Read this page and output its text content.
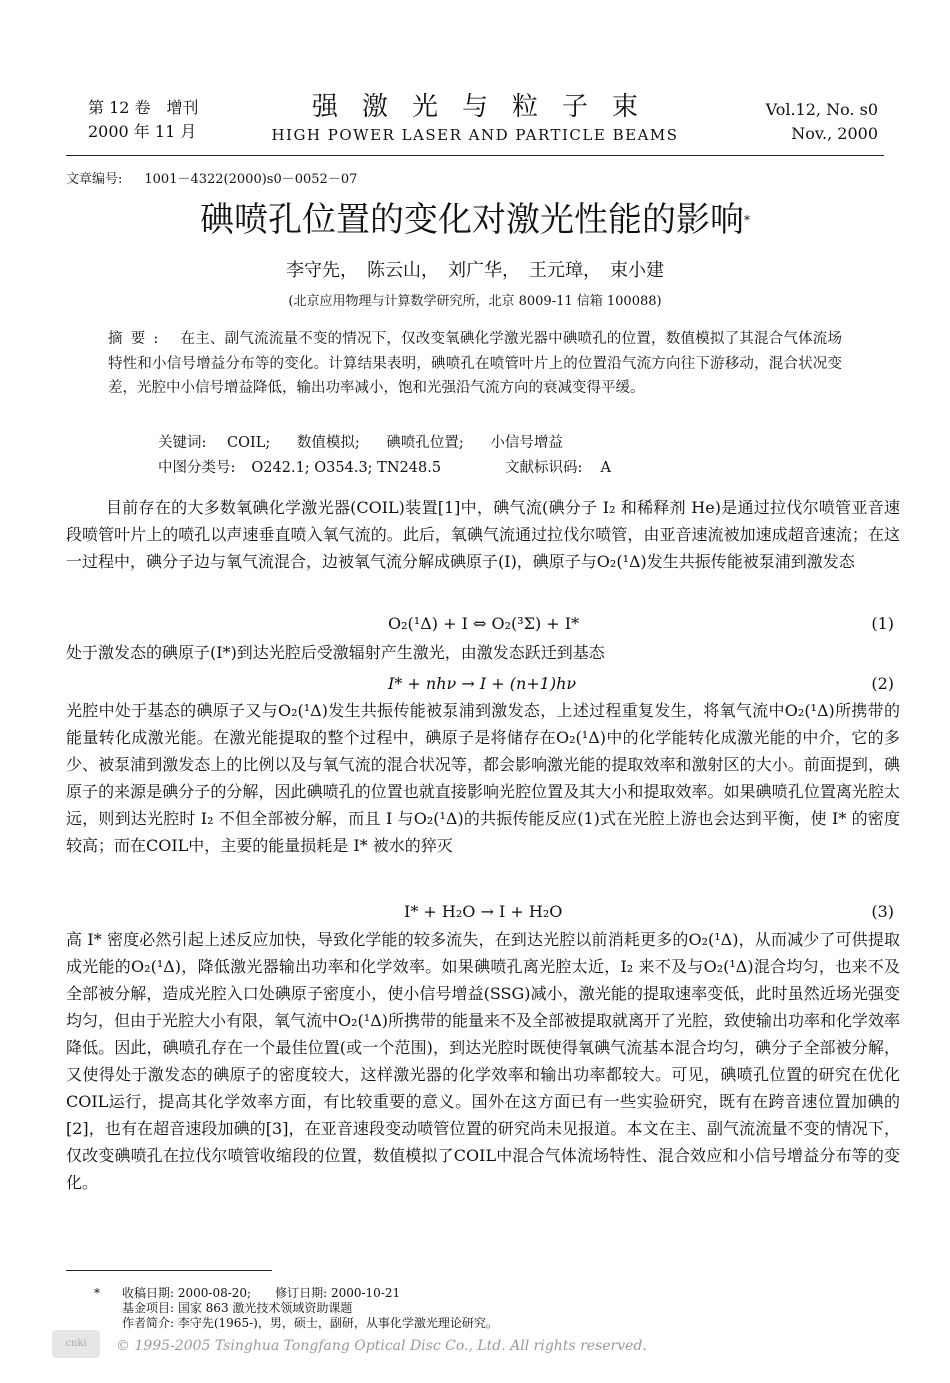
第 12 卷　增刊
2000 年 11 月
强激光与粒子束
HIGH POWER LASER AND PARTICLE BEAMS
Vol.12, No. s0
Nov., 2000
文章编号: 1001－4322(2000)s0－0052－07
碘喷孔位置的变化对激光性能的影响*
李守先，　陈云山，　刘广华，　王元璋，　束小建
(北京应用物理与计算数学研究所，北京 8009-11 信箱 100088)
摘要: 在主、副气流流量不变的情况下，仅改变氧碘化学激光器中碘喷孔的位置，数值模拟了其混合气体流场特性和小信号增益分布等的变化。计算结果表明，碘喷孔在喷管叶片上的位置沿气流方向往下游移动，混合状况变差，光腔中小信号增益降低，输出功率减小，饱和光强沿气流方向的衰减变得平缓。
关键词: COIL; 数值模拟; 碘喷孔位置; 小信号增益
中图分类号: O242.1; O354.3; TN248.5	文献标识码: A
目前存在的大多数氧碘化学激光器(COIL)装置[1]中，碘气流(碘分子 I₂ 和稀释剂 He)是通过拉伐尔喷管亚音速段喷管叶片上的喷孔以声速垂直喷入氧气流的。此后，氧碘气流通过拉伐尔喷管，由亚音速流被加速成超音速流；在这一过程中，碘分子边与氧气流混合，边被氧气流分解成碘原子(I)，碘原子与O₂(¹Δ)发生共振传能被泵浦到激发态
O₂(¹Δ) + I ⇔ O₂(³Σ) + I*	(1)
处于激发态的碘原子(I*)到达光腔后受激辐射产生激光，由激发态跃迁到基态
I* + nhν → I + (n+1)hν	(2)
光腔中处于基态的碘原子又与O₂(¹Δ)发生共振传能被泵浦到激发态，上述过程重复发生，将氧气流中O₂(¹Δ)所携带的能量转化成激光能。在激光能提取的整个过程中，碘原子是将储存在O₂(¹Δ)中的化学能转化成激光能的中介，它的多少、被泵浦到激发态上的比例以及与氧气流的混合状况等，都会影响激光能的提取效率和激射区的大小。前面提到，碘原子的来源是碘分子的分解，因此碘喷孔的位置也就直接影响光腔位置及其大小和提取效率。如果碘喷孔位置离光腔太远，则到达光腔时 I₂ 不但全部被分解，而且 I 与O₂(¹Δ)的共振传能反应(1)式在光腔上游也会达到平衡，使 I* 的密度较高；而在COIL中，主要的能量损耗是 I* 被水的猝灭
I* + H₂O → I + H₂O	(3)
高 I* 密度必然引起上述反应加快，导致化学能的较多流失，在到达光腔以前消耗更多的O₂(¹Δ)，从而减少了可供提取成光能的O₂(¹Δ)，降低激光器输出功率和化学效率。如果碘喷孔离光腔太近，I₂ 来不及与O₂(¹Δ)混合均匀，也来不及全部被分解，造成光腔入口处碘原子密度小，使小信号增益(SSG)减小，激光能的提取速率变低，此时虽然近场光强变均匀，但由于光腔大小有限，氧气流中O₂(¹Δ)所携带的能量来不及全部被提取就离开了光腔，致使输出功率和化学效率降低。因此，碘喷孔存在一个最佳位置(或一个范围)，到达光腔时既使得氧碘气流基本混合均匀，碘分子全部被分解，又使得处于激发态的碘原子的密度较大，这样激光器的化学效率和输出功率都较大。可见，碘喷孔位置的研究在优化COIL运行，提高其化学效率方面，有比较重要的意义。国外在这方面已有一些实验研究，既有在跨音速位置加碘的[2]，也有在超音速段加碘的[3]，在亚音速段变动喷管位置的研究尚未见报道。本文在主、副气流流量不变的情况下，仅改变碘喷孔在拉伐尔喷管收缩段的位置，数值模拟了COIL中混合气体流场特性、混合效应和小信号增益分布等的变化。
*	收稿日期: 2000-08-20; 修订日期: 2000-10-21
基金项目: 国家 863 激光技术领域资助课题
作者简介: 李守先(1965-)，男，硕士，副研，从事化学激光理论研究。
cnki	© 1995-2005 Tsinghua Tongfang Optical Disc Co., Ltd. All rights reserved.
